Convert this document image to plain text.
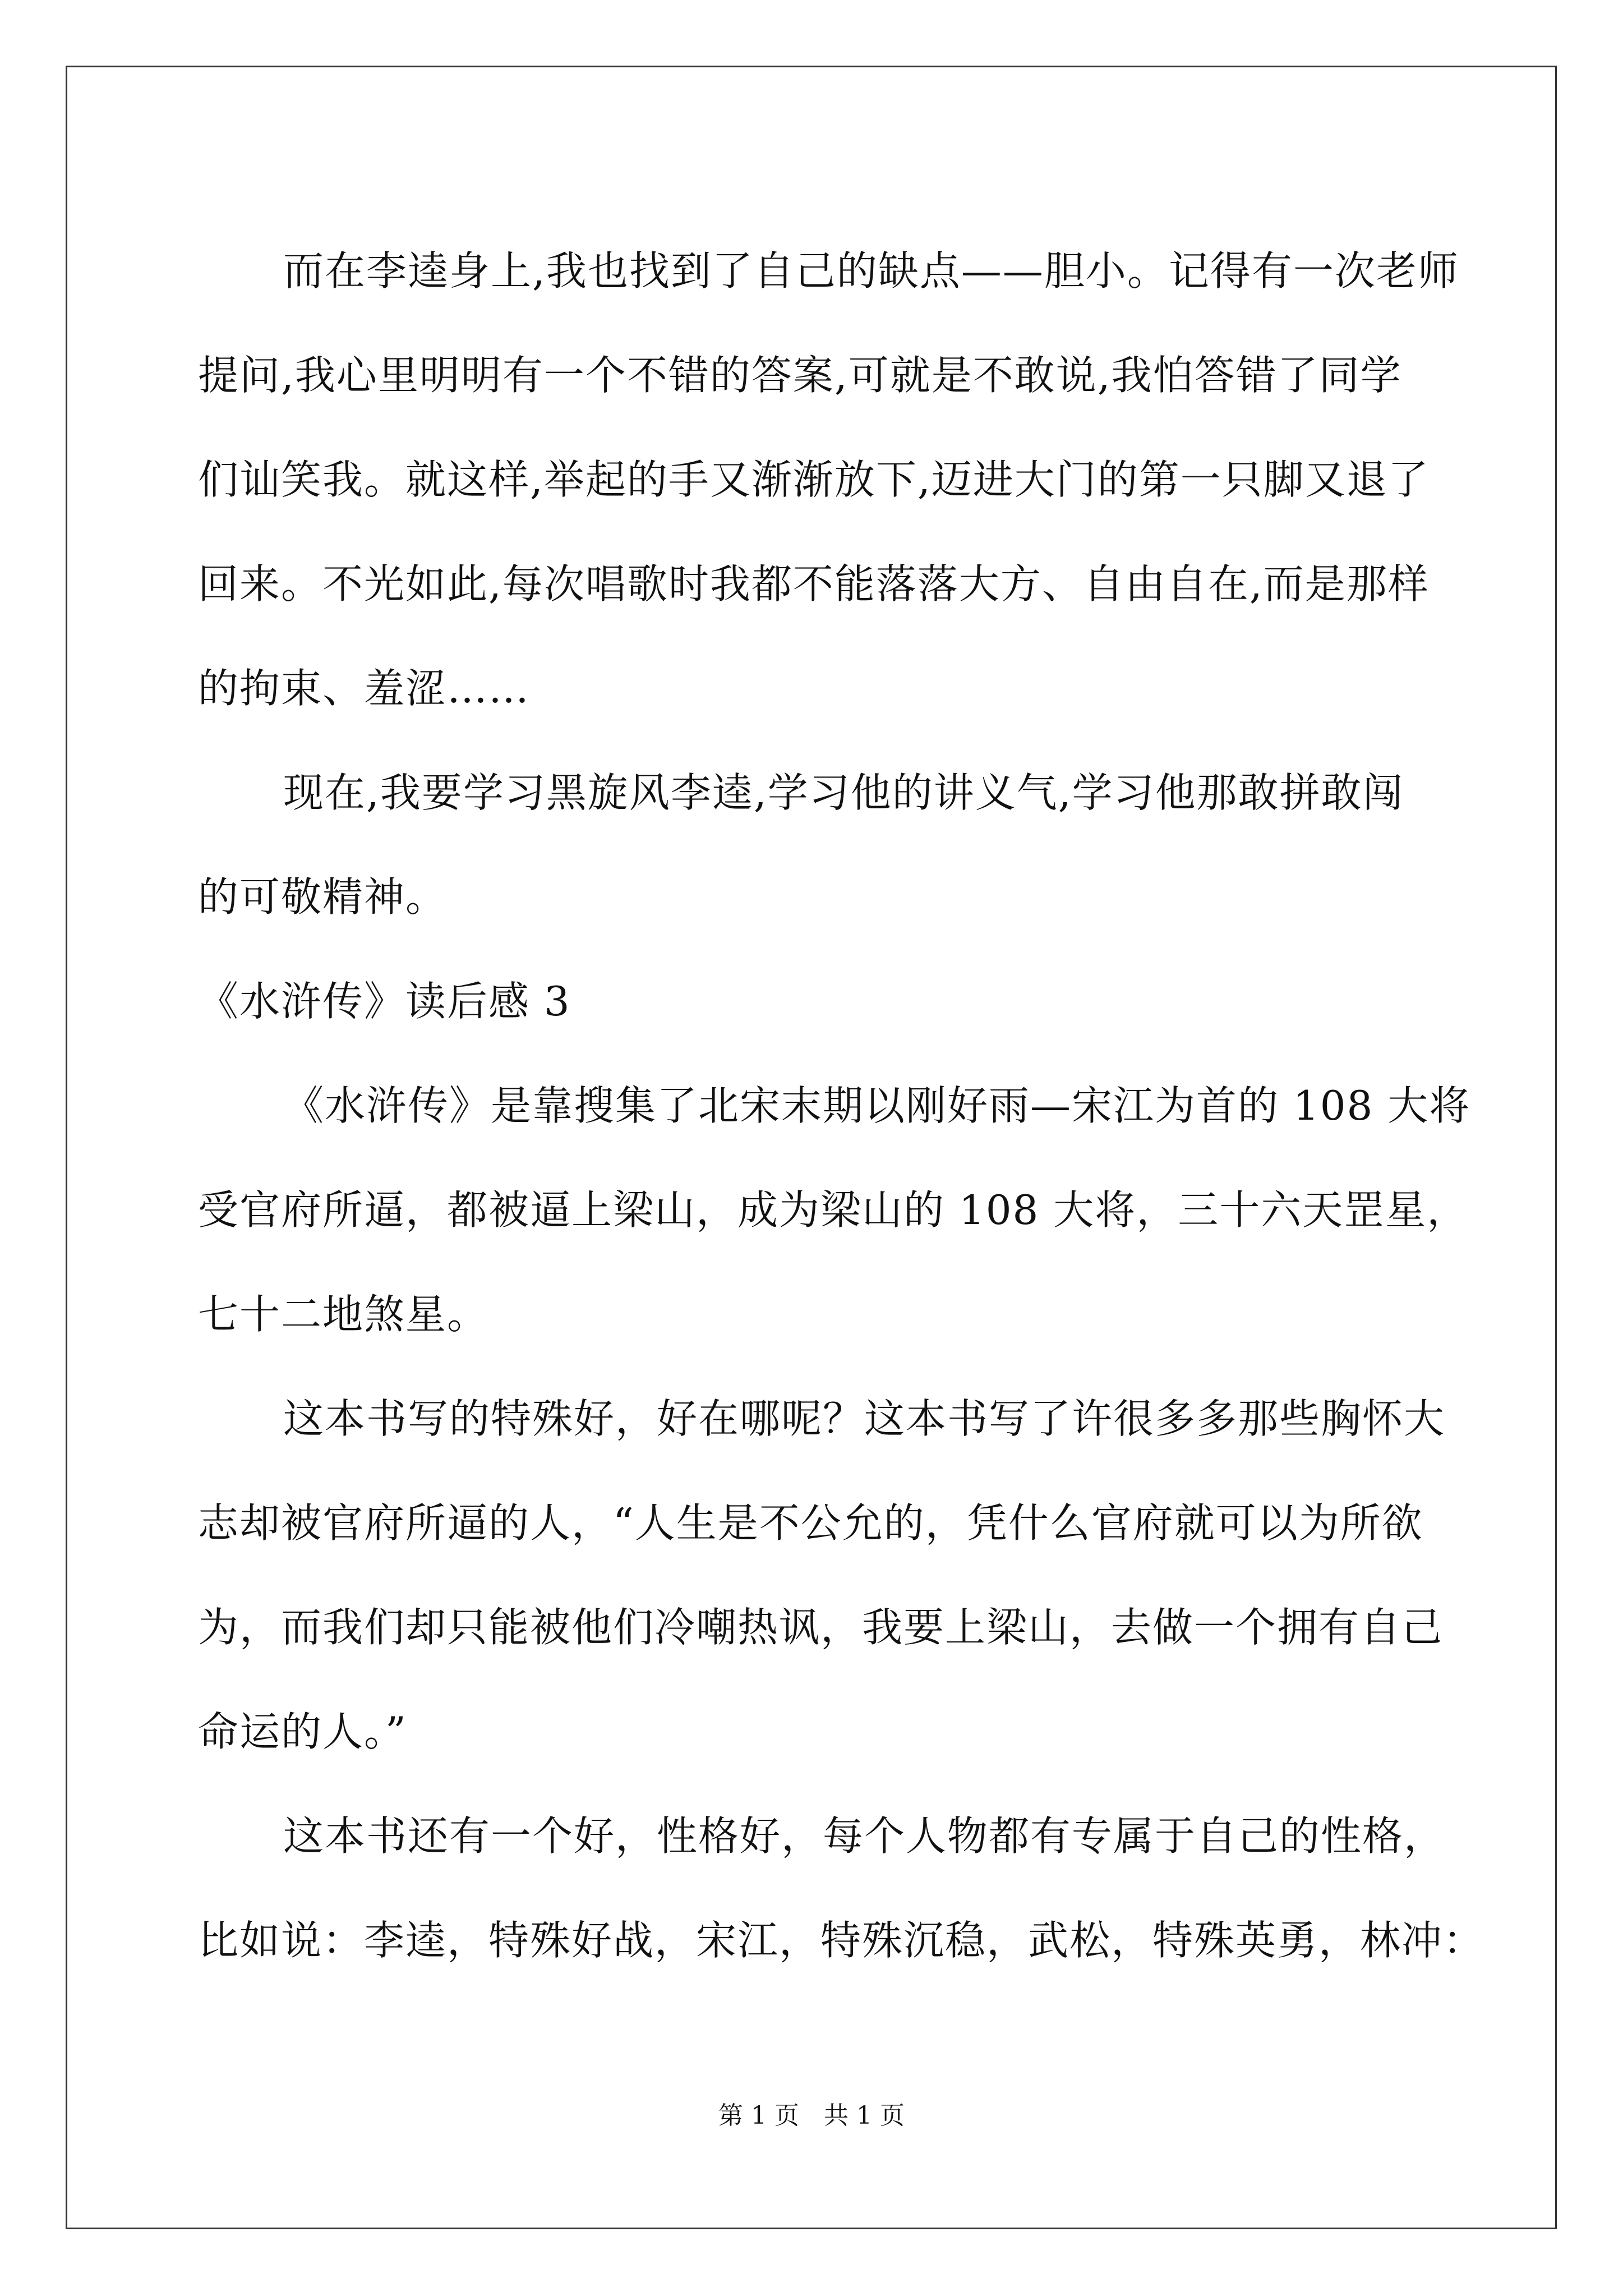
而在李逵身上,我也找到了自己的缺点——胆小。记得有一次老师
提问,我心里明明有一个不错的答案,可就是不敢说,我怕答错了同学
们讪笑我。就这样,举起的手又渐渐放下,迈进大门的第一只脚又退了
回来。不光如此,每次唱歌时我都不能落落大方、自由自在,而是那样
的拘束、羞涩……
现在,我要学习黑旋风李逵,学习他的讲义气,学习他那敢拼敢闯
的可敬精神。
《水浒传》读后感 3
《水浒传》是靠搜集了北宋末期以刚好雨—宋江为首的 108 大将
受官府所逼，都被逼上梁山，成为梁山的 108 大将，三十六天罡星，
七十二地煞星。
这本书写的特殊好，好在哪呢？这本书写了许很多多那些胸怀大
志却被官府所逼的人，“人生是不公允的，凭什么官府就可以为所欲
为，而我们却只能被他们冷嘲热讽，我要上梁山，去做一个拥有自己
命运的人。”
这本书还有一个好，性格好，每个人物都有专属于自己的性格，
比如说：李逵，特殊好战，宋江，特殊沉稳，武松，特殊英勇，林冲：
第 1 页　共 1 页
